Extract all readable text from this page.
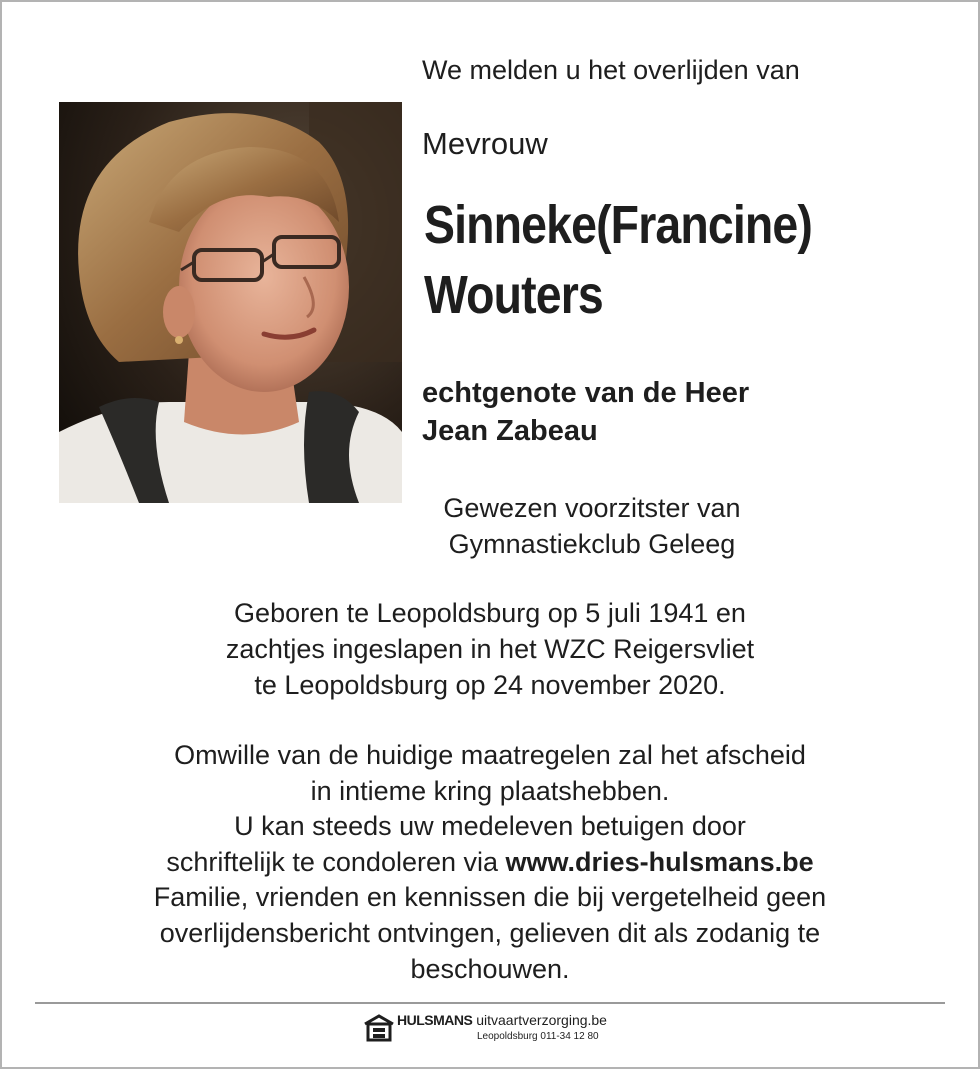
We melden u het overlijden van
Mevrouw
Sinneke(Francine)
Wouters
echtgenote van de Heer
Jean Zabeau
Gewezen voorzitster van
Gymnastiekclub Geleeg
Geboren te Leopoldsburg op 5 juli 1941 en
zachtjes ingeslapen in het WZC Reigersvliet
te Leopoldsburg op 24 november 2020.
Omwille van de huidige maatregelen zal het afscheid
in intieme kring plaatshebben.
U kan steeds uw medeleven betuigen door
schriftelijk te condoleren via www.dries-hulsmans.be
Familie, vrienden en kennissen die bij vergetelheid geen
overlijdensbericht ontvingen, gelieven dit als zodanig te
beschouwen.
HULSMANS uitvaartverzorging.be
Leopoldsburg 011-34 12 80
